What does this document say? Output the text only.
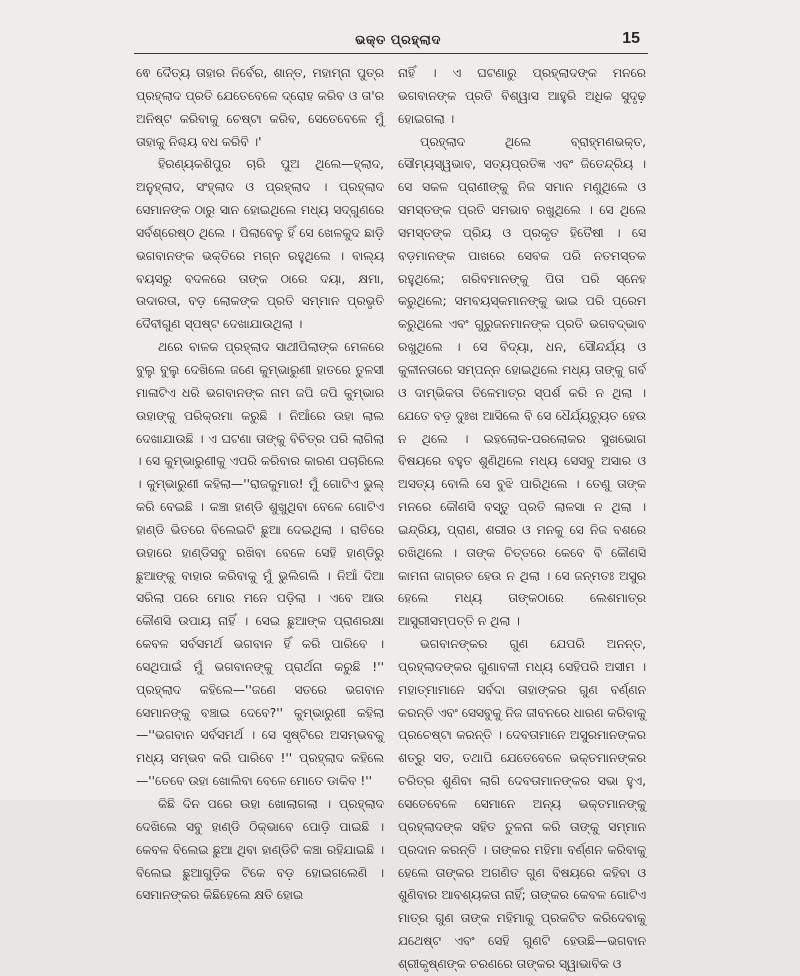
ଭକ୍ତ ପ୍ରହ୍ଲାଦ	15

ଵେ ଦୈତ୍ୟ ତାହାର ନିର୍ବେର, ଶାନ୍ତ, ମହାମ୍ନା ପୁତ୍ର ପ୍ରହ୍ଲାଦ ପ୍ରତି ଯେତେବେଳେ ଦ୍ରୋହ କରିବ ଓ ତା'ର ଅନିଷ୍ଟ କରିବାକୁ ଚେଷ୍ଟା କରିବ, ସେତେବେଳେ ମୁଁ ତାହାକୁ ନିଶ୍ଚୟ ବଧ କରିବି ।'

ହିରଣ୍ୟକଶିପୁର ଚାରି ପୁଅ ଥିଲେ—ହ୍ଲାଦ, ଅନୁହ୍ଲାଦ, ସଂହ୍ଲାଦ ଓ ପ୍ରହ୍ଲାଦ । ପ୍ରହ୍ଲାଦ ସେମାନଙ୍କ ଠାରୁ ସାନ ହୋଇଥିଲେ ମଧ୍ୟ ସଦ୍‌ଗୁଣରେ ସର୍ବଶ୍ରେଷ୍ଠ ଥିଲେ । ପିଲାବେଳୁ ହିଁ ସେ ଖେଳକୁଦ ଛାଡ଼ି ଭଗବାନଙ୍କ ଭକ୍ତିରେ ମଗ୍ନ ରହୁଥିଲେ । ବାଲ୍ୟ ବୟସରୁ ବଦଳରେ ତାଙ୍କ ଠାରେ ଦୟା, କ୍ଷମା, ଉଦାରତା, ବଡ଼ ଲୋକଙ୍କ ପ୍ରତି ସମ୍ମାନ ପ୍ରଭୃତି ଦୈବୀଗୁଣ ସ୍ପଷ୍ଟ ଦେଖାଯାଉଥିଲା ।

ଥରେ ବାଳକ ପ୍ରହ୍ଲାଦ ସାଥୀପିଲାଙ୍କ ମେଳରେ ବୁଲୁ ବୁଲୁ ଦେଖିଲେ ଜଣେ କୁମ୍ଭାରୁଣୀ ହାତରେ ତୁଳସୀ ମାଳାଟିଏ ଧରି ଭଗବାନଙ୍କ ନାମ ଜପି ଜପି କୁମ୍ଭାର ଉହାଙ୍କୁ ପରିକ୍ରମା କରୁଛି । ନିଆଁରେ ଉହା ଲାଲ ଦେଖାଯାଉଛି । ଏ ଘଟଣା ତାଙ୍କୁ ବିଚିତ୍ର ପରି ଲାଗିଲା । ସେ କୁମ୍ଭାରୁଣୀକୁ ଏପରି କରିବାର କାରଣ ପଚାରିଲେ । କୁମ୍ଭାରୁଣୀ କହିଲା—''ରାଜକୁମାର! ମୁଁ ଗୋଟିଏ ଭୁଲ୍ କରି ବେଇଛି । କଞ୍ଚା ହାଣ୍ଡି ଶୁଖୁଥିବା ବେଳେ ଗୋଟିଏ ହାଣ୍ଡି ଭିତରେ ବିଲେଇଟି ଛୁଆ ଦେଇଥିଲା । ରାତିରେ ଉହାରେ ହାଣ୍ଡିସବୁ ରଖିବା ବେଳେ ସେହି ହାଣ୍ଡିରୁ ଛୁଆଙ୍କୁ ବାହାର କରିବାକୁ ମୁଁ ଭୁଲିଗଲି । ନିଆଁ ଦିଆ ସରିଲା ପରେ ମୋର ମନେ ପଡ଼ିଲା । ଏବେ ଆଉ କୌଣସି ଉପାୟ ନାହିଁ । ସେଇ ଛୁଆଙ୍କ ପ୍ରାଣରକ୍ଷା କେବଳ ସର୍ବସମର୍ଥ ଭଗବାନ ହିଁ କରି ପାରିବେ । ସେଥିପାଇଁ ମୁଁ ଭଗବାନଙ୍କୁ ପ୍ରାର୍ଥନା କରୁଛି !'' ପ୍ରହ୍ଲାଦ କହିଲେ—''ଜଣେ ସତରେ ଭଗବାନ ସେମାନଙ୍କୁ ବଞ୍ଚାଇ ଦେବେ?'' କୁମ୍ଭାରୁଣୀ କହିଲା—''ଭଗବାନ ସର୍ବସମର୍ଥ । ସେ ସୃଷ୍ଟିରେ ଅସମ୍ଭବକୁ ମଧ୍ୟ ସମ୍ଭବ କରି ପାରିବେ !'' ପ୍ରହ୍ଲାଦ କହିଲେ—''ତେବେ ଉହା ଖୋଲିବା ବେଳେ ମୋତେ ଡାକିବ !''

କିଛି ଦିନ ପରେ ଉହା ଖୋଲାଗଲା । ପ୍ରହ୍ଲାଦ ଦେଖିଲେ ସବୁ ହାଣ୍ଡି ଠିକ୍‌ଭାବେ ପୋଡ଼ି ପାଇଛି । କେବଳ ବିଲେଇ ଛୁଆ ଥିବା ହାଣ୍ଡିଟି କଞ୍ଚା ରହିଯାଇଛି । ବିଲେଇ ଛୁଆଗୁଡ଼ିକ ଟିକେ ବଡ଼ ହୋଇଗଲେଣି । ସେମାନଙ୍କର କିଛିହେଲେ କ୍ଷତି ହୋଇ

ନାହିଁ । ଏ ଘଟଣାରୁ ପ୍ରହ୍ଲାଦଙ୍କ ମନରେ ଭଗବାନଙ୍କ ପ୍ରତି ବିଶ୍ୱାସ ଆହୁରି ଅଧିକ ସୁଦୃଢ଼ ହୋଇଗଲା ।

ପ୍ରହ୍ଲାଦ ଥିଲେ ବ୍ରାହ୍ମଣଭକ୍ତ, ସୌମ୍ୟସ୍ୱଭାବ, ସତ୍ୟପ୍ରତିଜ୍ଞ ଏବଂ ଜିତେନ୍ଦ୍ରିୟ । ସେ ସକଳ ପ୍ରାଣୀଙ୍କୁ ନିଜ ସମାନ ମଣୁଥିଲେ ଓ ସମସ୍ତଙ୍କ ପ୍ରତି ସମଭାବ ରଖୁଥିଲେ । ସେ ଥିଲେ ସମସ୍ତଙ୍କ ପ୍ରିୟ ଓ ପ୍ରକୃତ ହିତୈଷୀ । ସେ ବଡ଼ମାନଙ୍କ ପାଖରେ ସେବକ ପରି ନତମସ୍ତକ ରହୁଥିଲେ; ଗରିବମାନଙ୍କୁ ପିତା ପରି ସ୍ନେହ କରୁଥିଲେ; ସମବୟସ୍କମାନଙ୍କୁ ଭାଇ ପରି ପ୍ରେମ କରୁଥିଲେ ଏବଂ ଗୁରୁଜନମାନଙ୍କ ପ୍ରତି ଭଗବଦ୍‌ଭାବ ରଖୁଥିଲେ । ସେ ବିଦ୍ୟା, ଧନ, ସୌନ୍ଦର୍ଯ୍ୟ ଓ କୁଳୀନତାରେ ସମ୍ପନ୍ନ ହୋଇଥିଲେ ମଧ୍ୟ ତାଙ୍କୁ ଗର୍ବ ଓ ଦାମ୍ଭିକତା ତିଳେମାତ୍ର ସ୍ପର୍ଶ କରି ନ ଥିଲା । ଯେତେ ବଡ଼ ଦୁଃଖ ଆସିଲେ ବି ସେ ଧୈର୍ଯ୍ୟଚ୍ୟୁତ ହେଉ ନ ଥିଲେ । ଇହଲୋକ-ପରଲୋକର ସୁଖଭୋଗ ବିଷୟରେ ବହୁତ ଶୁଣିଥିଲେ ମଧ୍ୟ ସେସବୁ ଅସାର ଓ ଅସତ୍ୟ ବୋଲି ସେ ବୁଝି ପାରିଥିଲେ । ତେଣୁ ତାଙ୍କ ମନରେ କୌଣସି ବସ୍ତୁ ପ୍ରତି ଲାଳସା ନ ଥିଲା । ଇନ୍ଦ୍ରିୟ, ପ୍ରାଣ, ଶରୀର ଓ ମନକୁ ସେ ନିଜ ବଶରେ ରଖିଥିଲେ । ତାଙ୍କ ଚିତ୍ତରେ କେବେ ବି କୌଣସି କାମନା ଜାଗ୍ରତ ହେଉ ନ ଥିଲା । ସେ ଜନ୍ମତଃ ଅସୁର ହେଲେ ମଧ୍ୟ ତାଙ୍କଠାରେ ଲେଶମାତ୍ର ଆସୁରୀସମ୍ପତ୍ତି ନ ଥିଲା ।

ଭଗବାନଙ୍କର ଗୁଣ ଯେପରି ଅନନ୍ତ, ପ୍ରହ୍ଲାଦଙ୍କର ଗୁଣାବଳୀ ମଧ୍ୟ ସେହିପରି ଅସୀମ । ମହାତ୍ମାମାନେ ସର୍ବଦା ତାହାଙ୍କର ଗୁଣ ବର୍ଣ୍ଣନ କରନ୍ତି ଏବଂ ସେସବୁକୁ ନିଜ ଜୀବନରେ ଧାରଣ କରିବାକୁ ପ୍ରଚେଷ୍ଟା କରନ୍ତି । ଦେବତାମାନେ ଅସୁରମାନଙ୍କର ଶତ୍ରୁ ସତ, ତଥାପି ଯେତେବେଳେ ଭକ୍ତମାନଙ୍କର ଚରିତ୍ର ଶୁଣିବା ଲାଗି ଦେବତାମାନଙ୍କର ସଭା ହୁଏ, ସେତେବେଳେ ସେମାନେ ଅନ୍ୟ ଭକ୍ତମାନଙ୍କୁ ପ୍ରହ୍ଲାଦଙ୍କ ସହିତ ତୁଳନା କରି ତାଙ୍କୁ ସମ୍ମାନ ପ୍ରଦାନ କରନ୍ତି । ତାଙ୍କର ମହିମା ବର୍ଣ୍ଣନ କରିବାକୁ ହେଲେ ତାଙ୍କର ଅଗଣିତ ଗୁଣ ବିଷୟରେ କହିବା ଓ ଶୁଣିବାର ଆବଶ୍ୟକତା ନାହିଁ; ତାଙ୍କର କେବଳ ଗୋଟିଏ ମାତ୍ର ଗୁଣ ତାଙ୍କ ମହିମାକୁ ପ୍ରକଟିତ କରିଦେବାକୁ ଯଥେଷ୍ଟ ଏବଂ ସେହି ଗୁଣଟି ହେଉଛି—ଭଗବାନ ଶ୍ରୀକୃଷ୍ଣଙ୍କ ଚରଣରେ ତାଙ୍କର ସ୍ୱାଭାବିକ ଓ
